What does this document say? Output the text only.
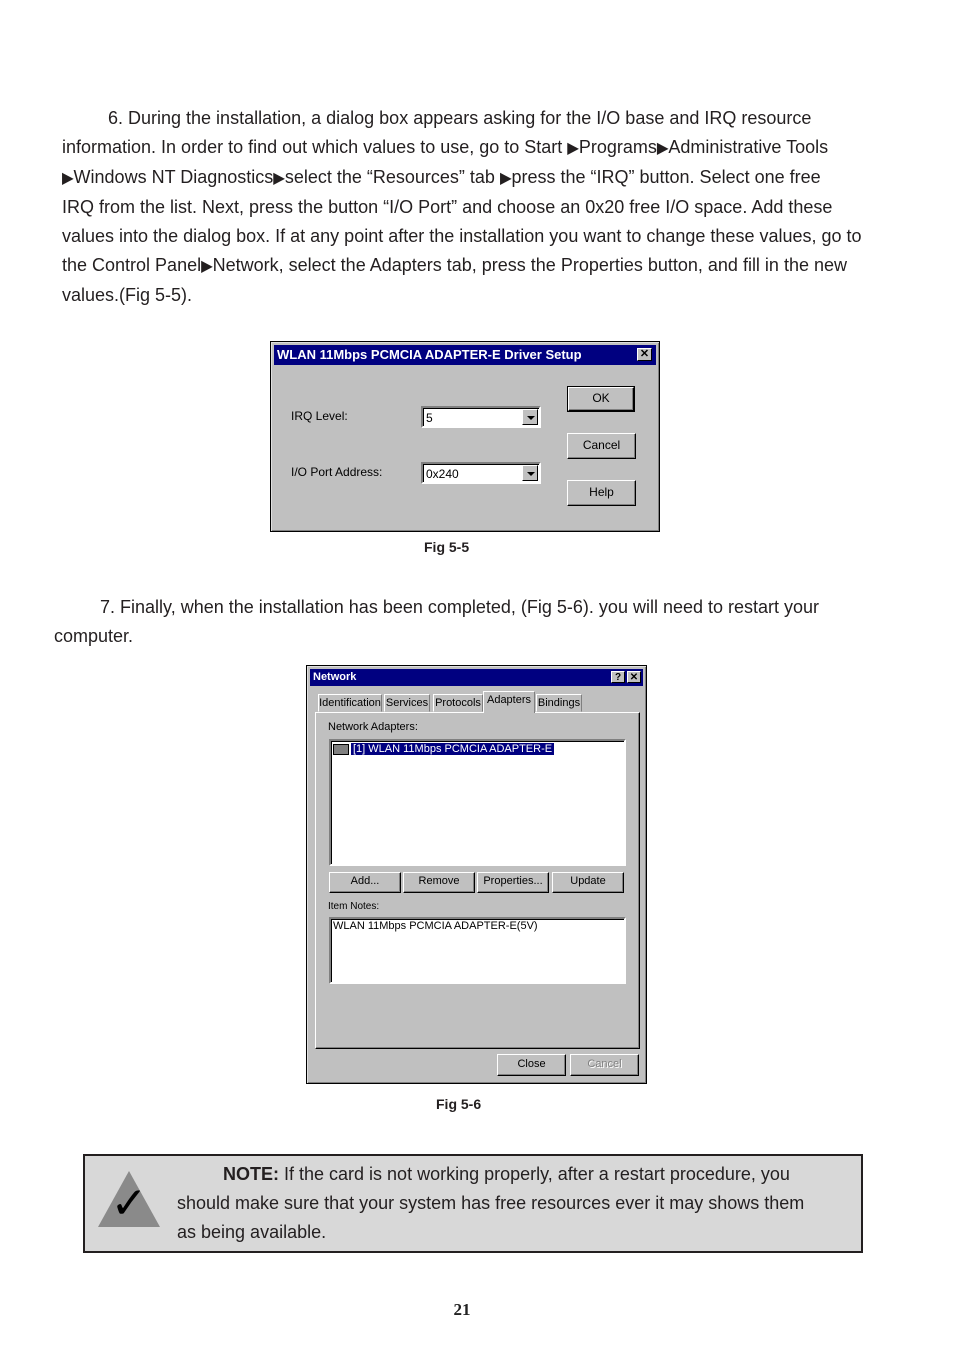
6. During the installation, a dialog box appears asking for the I/O base and IRQ resource
information. In order to find out which values to use, go to Start ▶Programs▶Administrative Tools
▶Windows NT Diagnostics▶select the “Resources” tab ▶press the “IRQ” button. Select one free
IRQ from the list. Next, press the button “I/O Port” and choose an 0x20 free I/O space. Add these
values into the dialog box. If at any point after the installation you want to change these values, go to
the Control Panel▶Network, select the Adapters tab, press the Properties button, and fill in the new
values.(Fig 5-5).
WLAN 11Mbps PCMCIA ADAPTER-E Driver Setup	✕
IRQ Level:	5
I/O Port Address:	0x240
OK
Cancel
Help
Fig 5-5
7. Finally, when the installation has been completed, (Fig 5-6). you will need to restart your
computer.
Network	? ✕
Identification Services Protocols Adapters Bindings
Network Adapters:
[1] WLAN 11Mbps PCMCIA ADAPTER-E
Add...	Remove	Properties...	Update
Item Notes:
WLAN 11Mbps PCMCIA ADAPTER-E(5V)
Close	Cancel
Fig 5-6
✓
NOTE: If the card is not working properly, after a restart procedure, you
should make sure that your system has free resources ever it may shows them
as being available.
21
